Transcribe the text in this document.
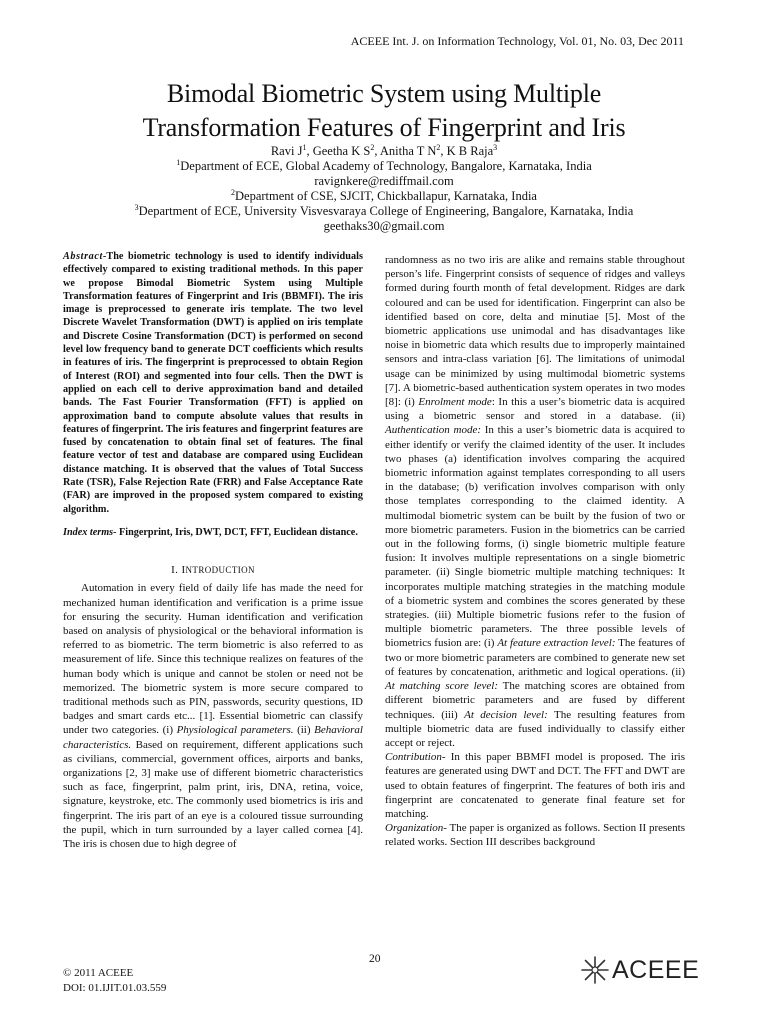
ACEEE Int. J. on Information Technology, Vol. 01, No. 03, Dec 2011
Bimodal Biometric System using Multiple
Transformation Features of Fingerprint and Iris
Ravi $J^1$, Geetha K $S^2$, Anitha T $N^2$, K B Raja$^3$
$^1$Department of ECE, Global Academy of Technology, Bangalore, Karnataka, India
ravignkere@rediffmail.com
$^2$Department of CSE, SJCIT, Chickballapur, Karnataka, India
$^3$Department of ECE, University Visvesvaraya College of Engineering, Bangalore, Karnataka, India
geethaks30@gmail.com

Abstract-The biometric technology is used to identify individuals effectively compared to existing traditional methods. In this paper we propose Bimodal Biometric System using Multiple Transformation features of Fingerprint and Iris (BBMFI). The iris image is preprocessed to generate iris template. The two level Discrete Wavelet Transformation (DWT) is applied on iris template and Discrete Cosine Transformation (DCT) is performed on second level low frequency band to generate DCT coefficients which results in features of iris. The fingerprint is preprocessed to obtain Region of Interest (ROI) and segmented into four cells. Then the DWT is applied on each cell to derive approximation band and detailed bands. The Fast Fourier Transformation (FFT) is applied on approximation band to compute absolute values that results in features of fingerprint. The iris features and fingerprint features are fused by concatenation to obtain final set of features. The final feature vector of test and database are compared using Euclidean distance matching. It is observed that the values of Total Success Rate (TSR), False Rejection Rate (FRR) and False Acceptance Rate (FAR) are improved in the proposed system compared to existing algorithm.

Index terms- Fingerprint, Iris, DWT, DCT, FFT, Euclidean distance.

I. INTRODUCTION

Automation in every field of daily life has made the need for mechanized human identification and verification is a prime issue for ensuring the security. Human identification and verification based on analysis of physiological or the behavioral information is referred to as biometric. The term biometric is also referred to as measurement of life. Since this technique realizes on features of the human body which is unique and cannot be stolen or need not be memorized. The biometric system is more secure compared to traditional methods such as PIN, passwords, security questions, ID badges and smart cards etc... [1]. Essential biometric can classify under two categories. (i) Physiological parameters. (ii) Behavioral characteristics. Based on requirement, different applications such as civilians, commercial, government offices, airports and banks, organizations [2, 3] make use of different biometric characteristics such as face, fingerprint, palm print, iris, DNA, retina, voice, signature, keystroke, etc. The commonly used biometrics is iris and fingerprint. The iris part of an eye is a coloured tissue surrounding the pupil, which in turn surrounded by a layer called cornea [4]. The iris is chosen due to high degree of

randomness as no two iris are alike and remains stable throughout person’s life. Fingerprint consists of sequence of ridges and valleys formed during fourth month of fetal development. Ridges are dark coloured and can be used for identification. Fingerprint can also be identified based on core, delta and minutiae [5]. Most of the biometric applications use unimodal and has disadvantages like noise in biometric data which results due to improperly maintained sensors and intra-class variation [6]. The limitations of unimodal usage can be minimized by using multimodal biometric systems [7]. A biometric-based authentication system operates in two modes [8]: (i) Enrolment mode: In this a user’s biometric data is acquired using a biometric sensor and stored in a database. (ii) Authentication mode: In this a user’s biometric data is acquired to either identify or verify the claimed identity of the user. It includes two phases (a) identification involves comparing the acquired biometric information against templates corresponding to all users in the database; (b) verification involves comparison with only those templates corresponding to the claimed identity. A multimodal biometric system can be built by the fusion of two or more biometric parameters. Fusion in the biometrics can be carried out in the following forms, (i) single biometric multiple feature fusion: It involves multiple representations on a single biometric parameter. (ii) Single biometric multiple matching techniques: It incorporates multiple matching strategies in the matching module of a biometric system and combines the scores generated by these strategies. (iii) Multiple biometric fusions refer to the fusion of multiple biometric parameters. The three possible levels of biometrics fusion are: (i) At feature extraction level: The features of two or more biometric parameters are combined to generate new set of features by concatenation, arithmetic and logical operations. (ii) At matching score level: The matching scores are obtained from different biometric parameters and are fused by different techniques. (iii) At decision level: The resulting features from multiple biometric data are fused individually to classify either accept or reject.

Contribution- In this paper BBMFI model is proposed. The iris features are generated using DWT and DCT. The FFT and DWT are used to obtain features of fingerprint. The features of both iris and fingerprint are concatenated to generate final feature set for matching.

Organization- The paper is organized as follows. Section II presents related works. Section III describes background

20
© 2011 ACEEE
DOI: 01.IJIT.01.03.559
ACEEE
